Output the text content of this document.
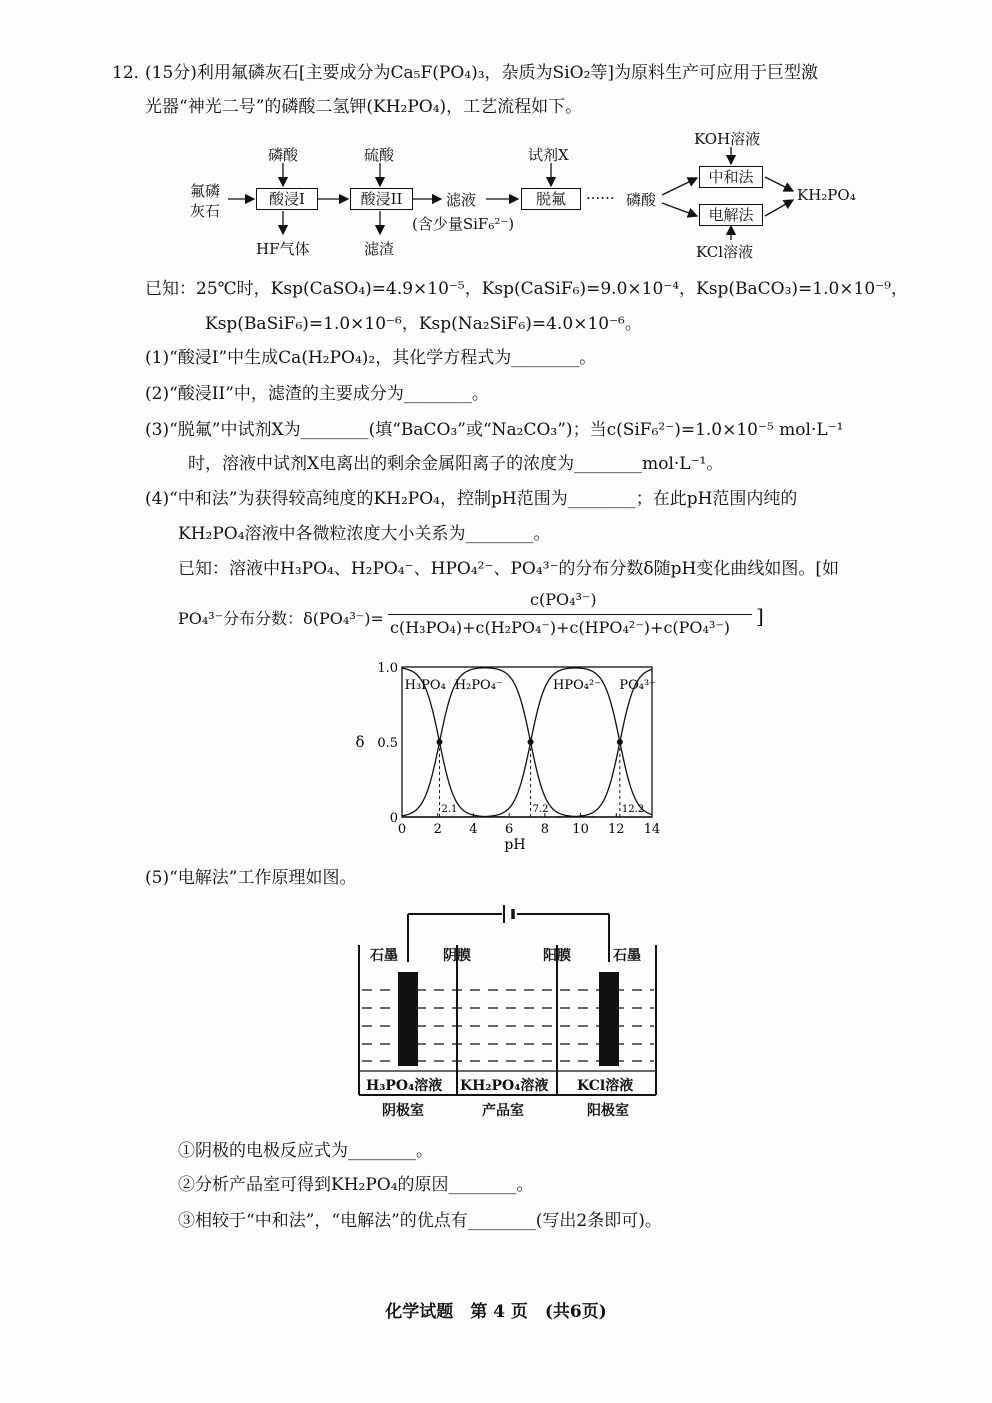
12．
(15分)利用氟磷灰石[主要成分为Ca₅F(PO₄)₃，杂质为SiO₂等]为原料生产可应用于巨型激
光器“神光二号”的磷酸二氢钾(KH₂PO₄)，工艺流程如下。
氟磷
灰石
磷酸
酸浸I
HF气体
硫酸
酸浸II
滤渣
滤液
(含少量SiF₆²⁻)
试剂X
脱氟	······ 磷酸
KOH溶液
中和法
电解法
KCl溶液
KH₂PO₄
已知：25℃时，Ksp(CaSO₄)=4.9×10⁻⁵，Ksp(CaSiF₆)=9.0×10⁻⁴，Ksp(BaCO₃)=1.0×10⁻⁹，
Ksp(BaSiF₆)=1.0×10⁻⁶，Ksp(Na₂SiF₆)=4.0×10⁻⁶。
(1)“酸浸I”中生成Ca(H₂PO₄)₂，其化学方程式为________。
(2)“酸浸II”中，滤渣的主要成分为________。
(3)“脱氟”中试剂X为________(填“BaCO₃”或“Na₂CO₃”)；当c(SiF₆²⁻)=1.0×10⁻⁵ mol·L⁻¹
时，溶液中试剂X电离出的剩余金属阳离子的浓度为________mol·L⁻¹。
(4)“中和法”为获得较高纯度的KH₂PO₄，控制pH范围为________；在此pH范围内纯的
KH₂PO₄溶液中各微粒浓度大小关系为________。
已知：溶液中H₃PO₄、H₂PO₄⁻、HPO₄²⁻、PO₄³⁻的分布分数δ随pH变化曲线如图。[如
PO₄³⁻分布分数：δ(PO₄³⁻)=
c(PO₄³⁻)
c(H₃PO₄)+c(H₂PO₄⁻)+c(HPO₄²⁻)+c(PO₄³⁻) ]
H₃PO₄ H₂PO₄⁻	HPO₄²⁻ PO₄³⁻
2.1	7.2	12.2
0 2 4 6 8 10 12 14
0
0.5
1.0
pH
δ
(5)“电解法”工作原理如图。
石墨	阴膜	阳膜	石墨
H₃PO₄溶液 KH₂PO₄溶液 KCl溶液
阴极室	产品室	阳极室
①阴极的电极反应式为________。
②分析产品室可得到KH₂PO₄的原因________。
③相较于“中和法”，“电解法”的优点有________(写出2条即可)。
化学试题　第 4 页　(共6页)
